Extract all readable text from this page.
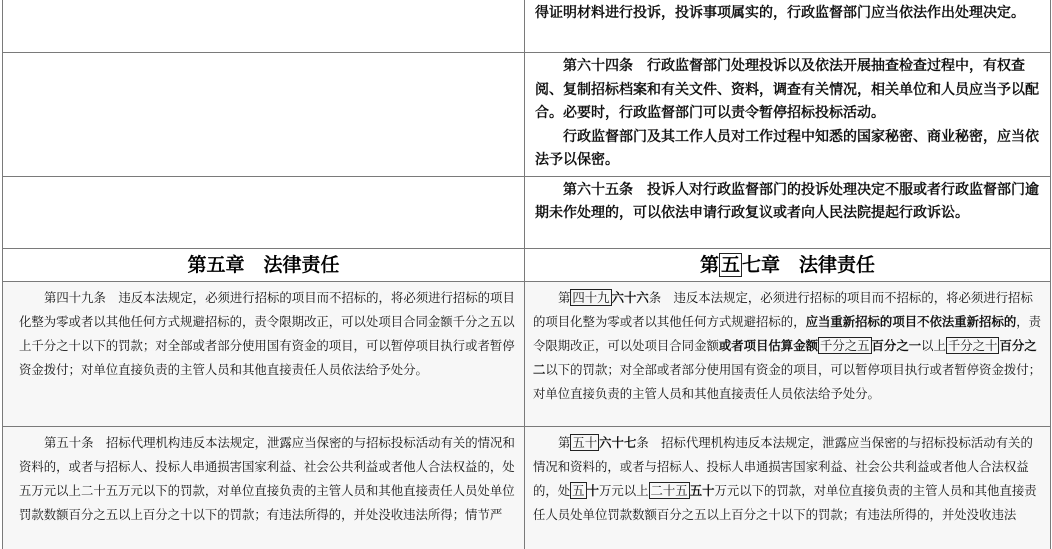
	得证明材料进行投诉，投诉事项属实的，行政监督部门应当依法作出处理决定。

	第六十四条　行政监督部门处理投诉以及依法开展抽查检查过程中，有权查阅、复制招标档案和有关文件、资料，调查有关情况，相关单位和人员应当予以配合。必要时，行政监督部门可以责令暂停招标投标活动。

行政监督部门及其工作人员对工作过程中知悉的国家秘密、商业秘密，应当依法予以保密。

	第六十五条　投诉人对行政监督部门的投诉处理决定不服或者行政监督部门逾期未作处理的，可以依法申请行政复议或者向人民法院提起行政诉讼。

第五章　法律责任	第 五 七章　法律责任

第四十九条　违反本法规定，必须进行招标的项目而不招标的，将必须进行招标的项目化整为零或者以其他任何方式规避招标的，责令限期改正，可以处项目合同金额千分之五以上千分之十以下的罚款；对全部或者部分使用国有资金的项目，可以暂停项目执行或者暂停资金拨付；对单位直接负责的主管人员和其他直接责任人员依法给予处分。	第 四十九 六十六条　违反本法规定，必须进行招标的项目而不招标的，将必须进行招标的项目化整为零或者以其他任何方式规避招标的，应当重新招标的项目不依法重新招标的，责令限期改正，可以处项目合同金额或者项目估算金额 千分之五 百分之一以上 千分之十 百分之二以下的罚款；对全部或者部分使用国有资金的项目，可以暂停项目执行或者暂停资金拨付；对单位直接负责的主管人员和其他直接责任人员依法给予处分。

第五十条　招标代理机构违反本法规定，泄露应当保密的与招标投标活动有关的情况和资料的，或者与招标人、投标人串通损害国家利益、社会公共利益或者他人合法权益的，处五万元以上二十五万元以下的罚款，对单位直接负责的主管人员和其他直接责任人员处单位罚款数额百分之五以上百分之十以下的罚款；有违法所得的，并处没收违法所得；情节严	第 五十 六十七条　招标代理机构违反本法规定，泄露应当保密的与招标投标活动有关的情况和资料的，或者与招标人、投标人串通损害国家利益、社会公共利益或者他人合法权益的，处 五 十万元以上 二十五 五十万元以下的罚款，对单位直接负责的主管人员和其他直接责任人员处单位罚款数额百分之五以上百分之十以下的罚款；有违法所得的，并处没收违法
